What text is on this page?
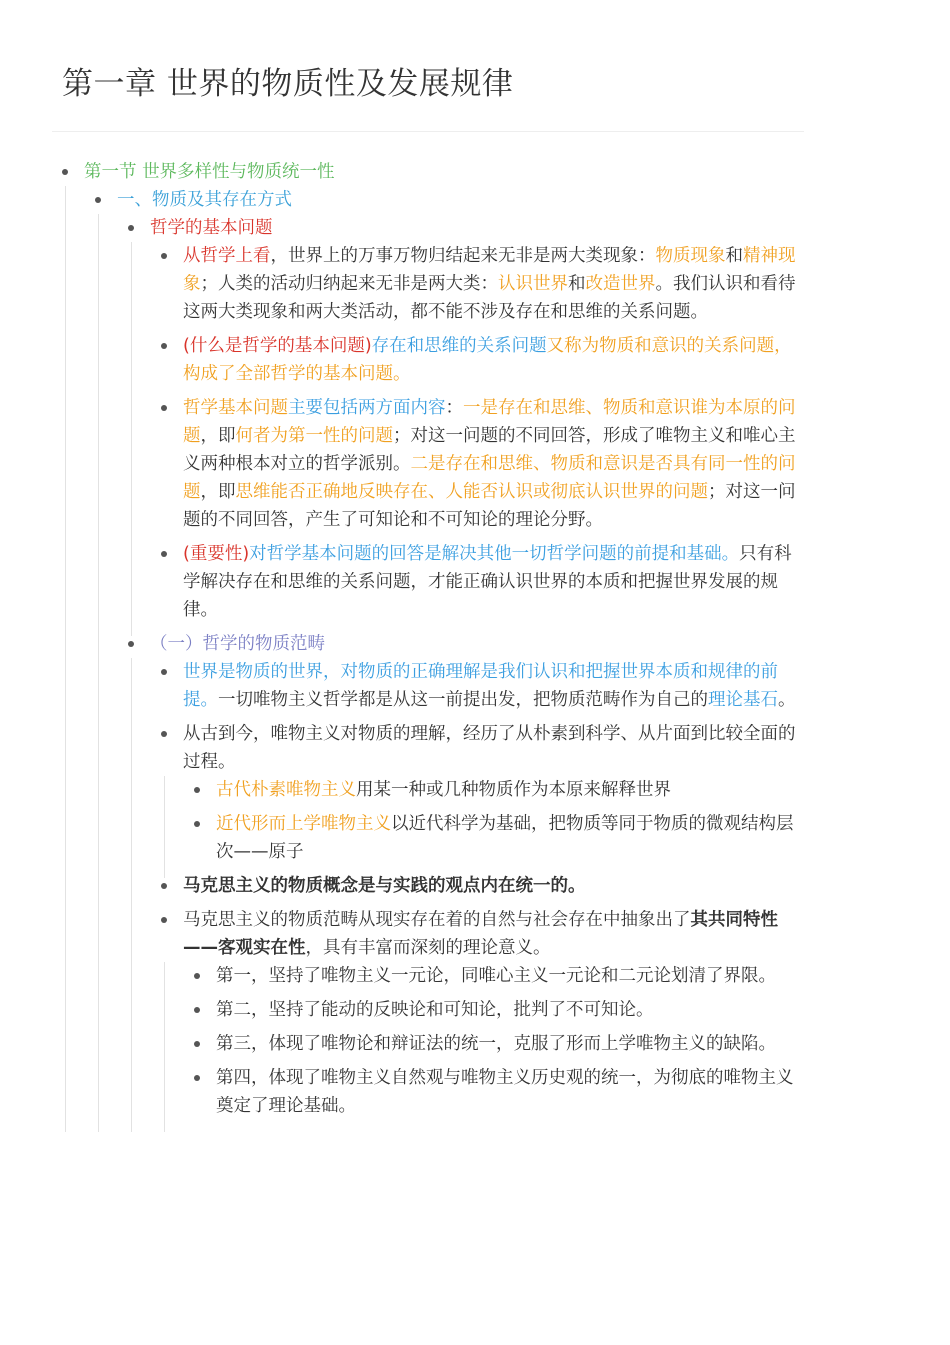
第一章 世界的物质性及发展规律
第一节 世界多样性与物质统一性
一、物质及其存在方式
哲学的基本问题
从哲学上看，世界上的万事万物归结起来无非是两大类现象：物质现象和精神现象；人类的活动归纳起来无非是两大类：认识世界和改造世界。我们认识和看待这两大类现象和两大类活动，都不能不涉及存在和思维的关系问题。
(什么是哲学的基本问题)存在和思维的关系问题又称为物质和意识的关系问题，构成了全部哲学的基本问题。
哲学基本问题主要包括两方面内容：一是存在和思维、物质和意识谁为本原的问题，即何者为第一性的问题；对这一问题的不同回答，形成了唯物主义和唯心主义两种根本对立的哲学派别。二是存在和思维、物质和意识是否具有同一性的问题，即思维能否正确地反映存在、人能否认识或彻底认识世界的问题；对这一问题的不同回答，产生了可知论和不可知论的理论分野。
(重要性)对哲学基本问题的回答是解决其他一切哲学问题的前提和基础。只有科学解决存在和思维的关系问题，才能正确认识世界的本质和把握世界发展的规律。
（一）哲学的物质范畴
世界是物质的世界，对物质的正确理解是我们认识和把握世界本质和规律的前提。一切唯物主义哲学都是从这一前提出发，把物质范畴作为自己的理论基石。
从古到今，唯物主义对物质的理解，经历了从朴素到科学、从片面到比较全面的过程。
古代朴素唯物主义用某一种或几种物质作为本原来解释世界
近代形而上学唯物主义以近代科学为基础，把物质等同于物质的微观结构层次——原子
马克思主义的物质概念是与实践的观点内在统一的。
马克思主义的物质范畴从现实存在着的自然与社会存在中抽象出了其共同特性——客观实在性，具有丰富而深刻的理论意义。
第一，坚持了唯物主义一元论，同唯心主义一元论和二元论划清了界限。
第二，坚持了能动的反映论和可知论，批判了不可知论。
第三，体现了唯物论和辩证法的统一，克服了形而上学唯物主义的缺陷。
第四，体现了唯物主义自然观与唯物主义历史观的统一，为彻底的唯物主义奠定了理论基础。
